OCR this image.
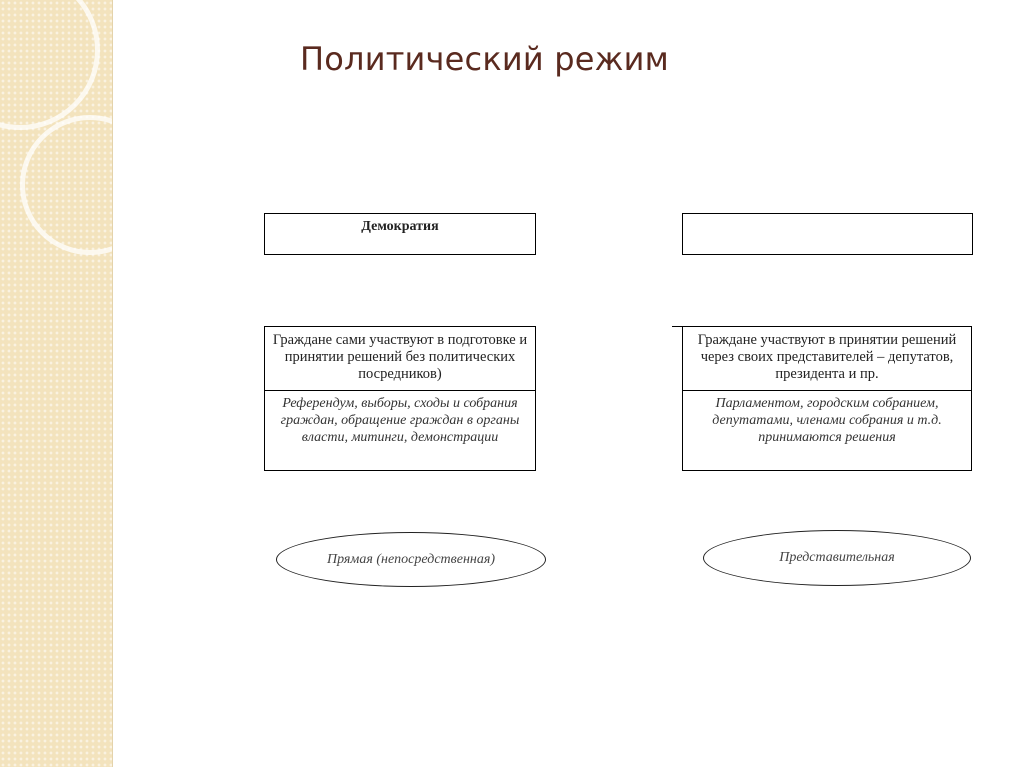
Политический режим
Демократия
Граждане сами участвуют в подготовке и принятии решений без политических посредников)
Референдум, выборы, сходы и собрания граждан, обращение граждан в органы власти, митинги, демонстрации
Граждане участвуют в принятии решений через своих представителей – депутатов, президента и пр.
Парламентом, городским собранием, депутатами, членами собрания и т.д. принимаются решения
Прямая (непосредственная)	Представительная
